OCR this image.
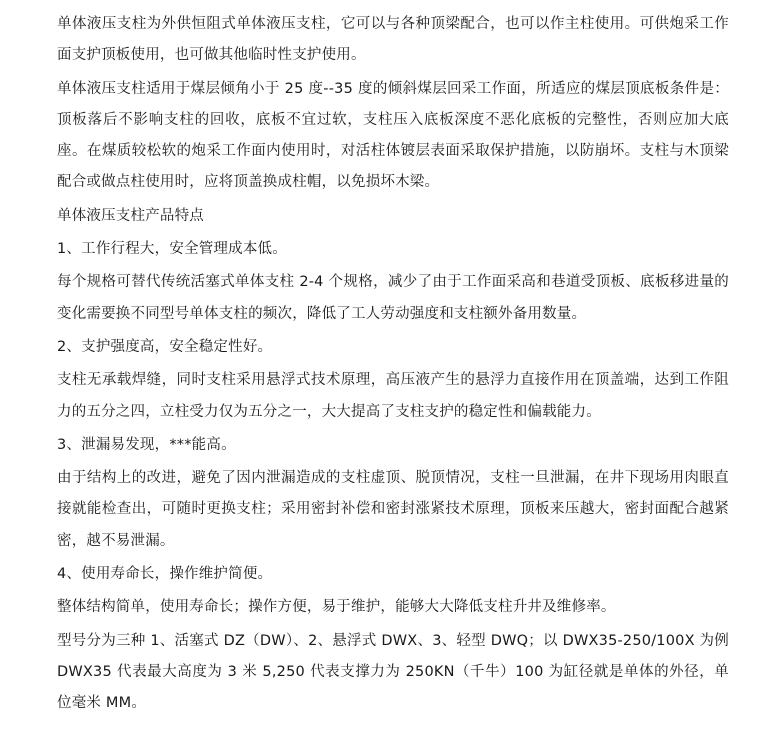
单体液压支柱为外供恒阻式单体液压支柱，它可以与各种顶梁配合，也可以作主柱使用。可供炮采工作面支护顶板使用，也可做其他临时性支护使用。

单体液压支柱适用于煤层倾角小于 25 度--35 度的倾斜煤层回采工作面，所适应的煤层顶底板条件是：顶板落后不影响支柱的回收，底板不宜过软，支柱压入底板深度不恶化底板的完整性，否则应加大底座。在煤质较松软的炮采工作面内使用时，对活柱体镀层表面采取保护措施，以防崩坏。支柱与木顶梁配合或做点柱使用时，应将顶盖换成柱帽，以免损坏木梁。

单体液压支柱产品特点

1、工作行程大，安全管理成本低。

每个规格可替代传统活塞式单体支柱 2-4 个规格，减少了由于工作面采高和巷道受顶板、底板移进量的变化需要换不同型号单体支柱的频次，降低了工人劳动强度和支柱额外备用数量。

2、支护强度高，安全稳定性好。

支柱无承载焊缝，同时支柱采用悬浮式技术原理，高压液产生的悬浮力直接作用在顶盖端，达到工作阻力的五分之四，立柱受力仅为五分之一，大大提高了支柱支护的稳定性和偏载能力。

3、泄漏易发现，***能高。

由于结构上的改进，避免了因内泄漏造成的支柱虚顶、脱顶情况，支柱一旦泄漏，在井下现场用肉眼直接就能检查出，可随时更换支柱；采用密封补偿和密封涨紧技术原理，顶板来压越大，密封面配合越紧密，越不易泄漏。

4、使用寿命长，操作维护简便。

整体结构简单，使用寿命长；操作方便，易于维护，能够大大降低支柱升井及维修率。

型号分为三种 1、活塞式 DZ（DW）、2、悬浮式 DWX、3、轻型 DWQ；以 DWX35-250/100X 为例 DWX35 代表最大高度为 3 米 5,250 代表支撑力为 250KN（千牛）100 为缸径就是单体的外径，单位毫米 MM。
